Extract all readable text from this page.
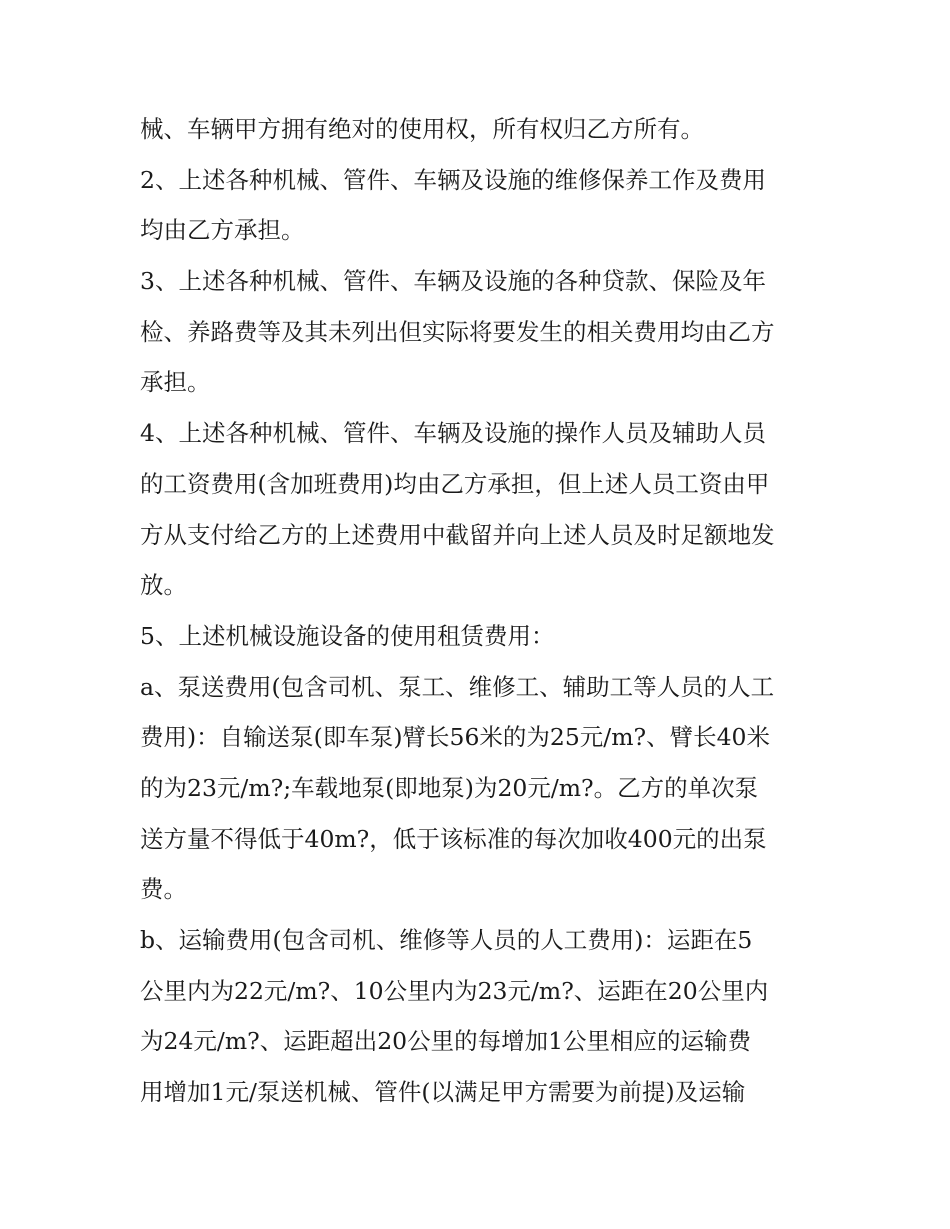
械、车辆甲方拥有绝对的使用权，所有权归乙方所有。
2、上述各种机械、管件、车辆及设施的维修保养工作及费用
均由乙方承担。
3、上述各种机械、管件、车辆及设施的各种贷款、保险及年
检、养路费等及其未列出但实际将要发生的相关费用均由乙方
承担。
4、上述各种机械、管件、车辆及设施的操作人员及辅助人员
的工资费用(含加班费用)均由乙方承担，但上述人员工资由甲
方从支付给乙方的上述费用中截留并向上述人员及时足额地发
放。
5、上述机械设施设备的使用租赁费用：
a、泵送费用(包含司机、泵工、维修工、辅助工等人员的人工
费用)：自输送泵(即车泵)臂长56米的为25元/m?、臂长40米
的为23元/m?;车载地泵(即地泵)为20元/m?。乙方的单次泵
送方量不得低于40m?，低于该标准的每次加收400元的出泵
费。
b、运输费用(包含司机、维修等人员的人工费用)：运距在5
公里内为22元/m?、10公里内为23元/m?、运距在20公里内
为24元/m?、运距超出20公里的每增加1公里相应的运输费
用增加1元/泵送机械、管件(以满足甲方需要为前提)及运输
